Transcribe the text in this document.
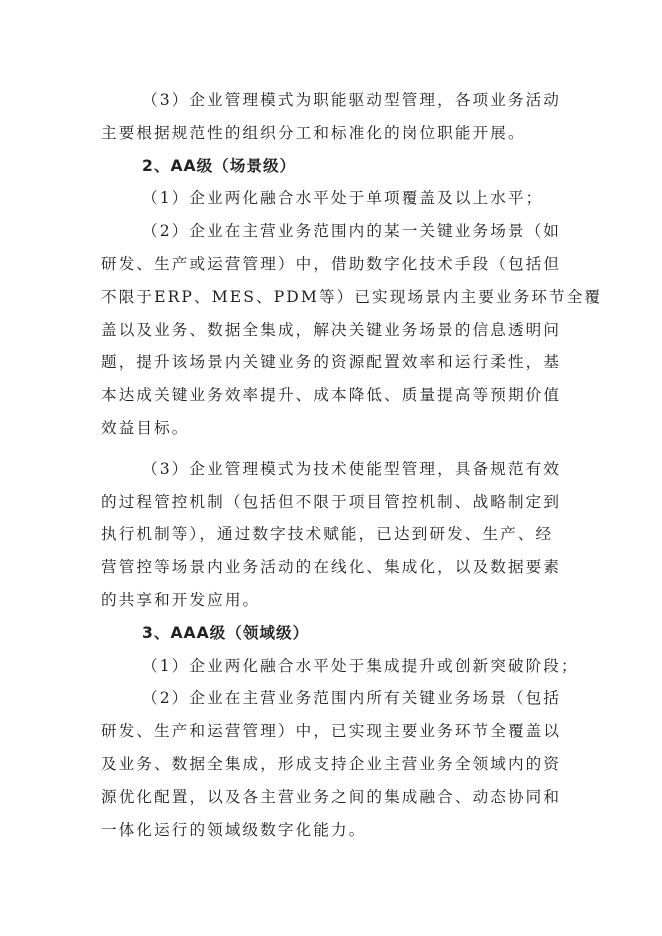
（3）企业管理模式为职能驱动型管理，各项业务活动
主要根据规范性的组织分工和标准化的岗位职能开展。
2、AA级（场景级）
（1）企业两化融合水平处于单项覆盖及以上水平；
（2）企业在主营业务范围内的某一关键业务场景（如
研发、生产或运营管理）中，借助数字化技术手段（包括但
不限于ERP、MES、PDM等）已实现场景内主要业务环节全覆
盖以及业务、数据全集成，解决关键业务场景的信息透明问
题，提升该场景内关键业务的资源配置效率和运行柔性，基
本达成关键业务效率提升、成本降低、质量提高等预期价值
效益目标。
（3）企业管理模式为技术使能型管理，具备规范有效
的过程管控机制（包括但不限于项目管控机制、战略制定到
执行机制等），通过数字技术赋能，已达到研发、生产、经
营管控等场景内业务活动的在线化、集成化，以及数据要素
的共享和开发应用。
3、AAA级（领域级）
（1）企业两化融合水平处于集成提升或创新突破阶段；
（2）企业在主营业务范围内所有关键业务场景（包括
研发、生产和运营管理）中，已实现主要业务环节全覆盖以
及业务、数据全集成，形成支持企业主营业务全领域内的资
源优化配置，以及各主营业务之间的集成融合、动态协同和
一体化运行的领域级数字化能力。
